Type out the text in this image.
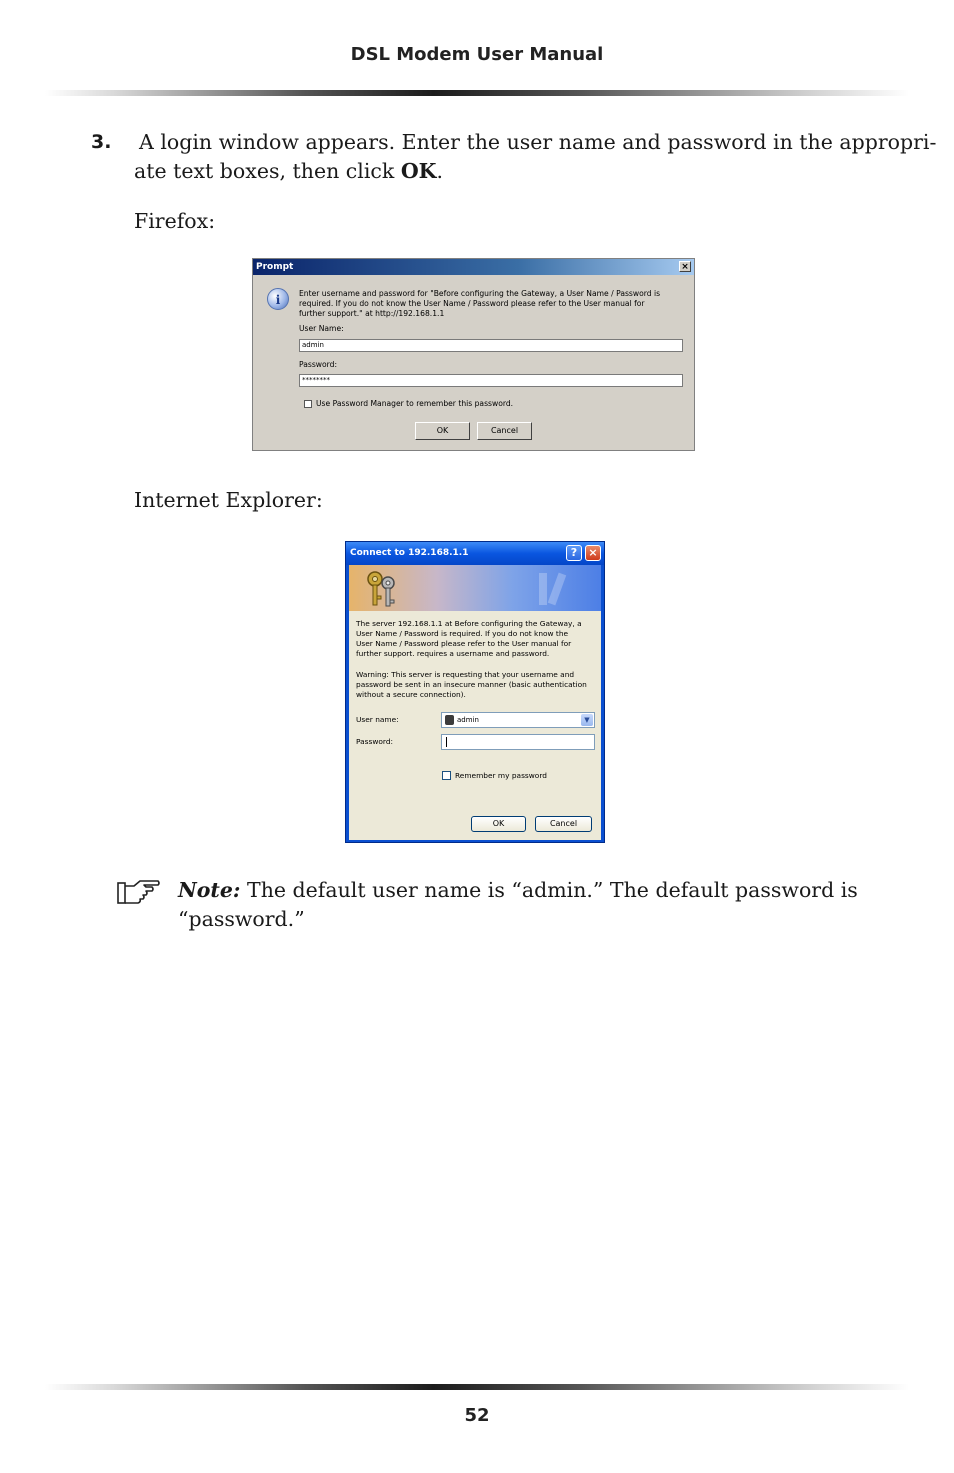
DSL Modem User Manual
3. A login window appears. Enter the user name and password in the appropri-
ate text boxes, then click OK.
Firefox:
Prompt	×
i	Enter username and password for "Before configuring the Gateway, a User Name / Password is
required. If you do not know the User Name / Password please refer to the User manual for
further support." at http://192.168.1.1
User Name:
admin
Password:
********
Use Password Manager to remember this password.
OK	Cancel
Internet Explorer:
Connect to 192.168.1.1	?	×
The server 192.168.1.1 at Before configuring the Gateway, a
User Name / Password is required. If you do not know the
User Name / Password please refer to the User manual for
further support. requires a username and password.
Warning: This server is requesting that your username and
password be sent in an insecure manner (basic authentication
without a secure connection).
User name:	admin	▼
Password:
Remember my password
OK	Cancel
Note: The default user name is “admin.” The default password is
“password.”
52
